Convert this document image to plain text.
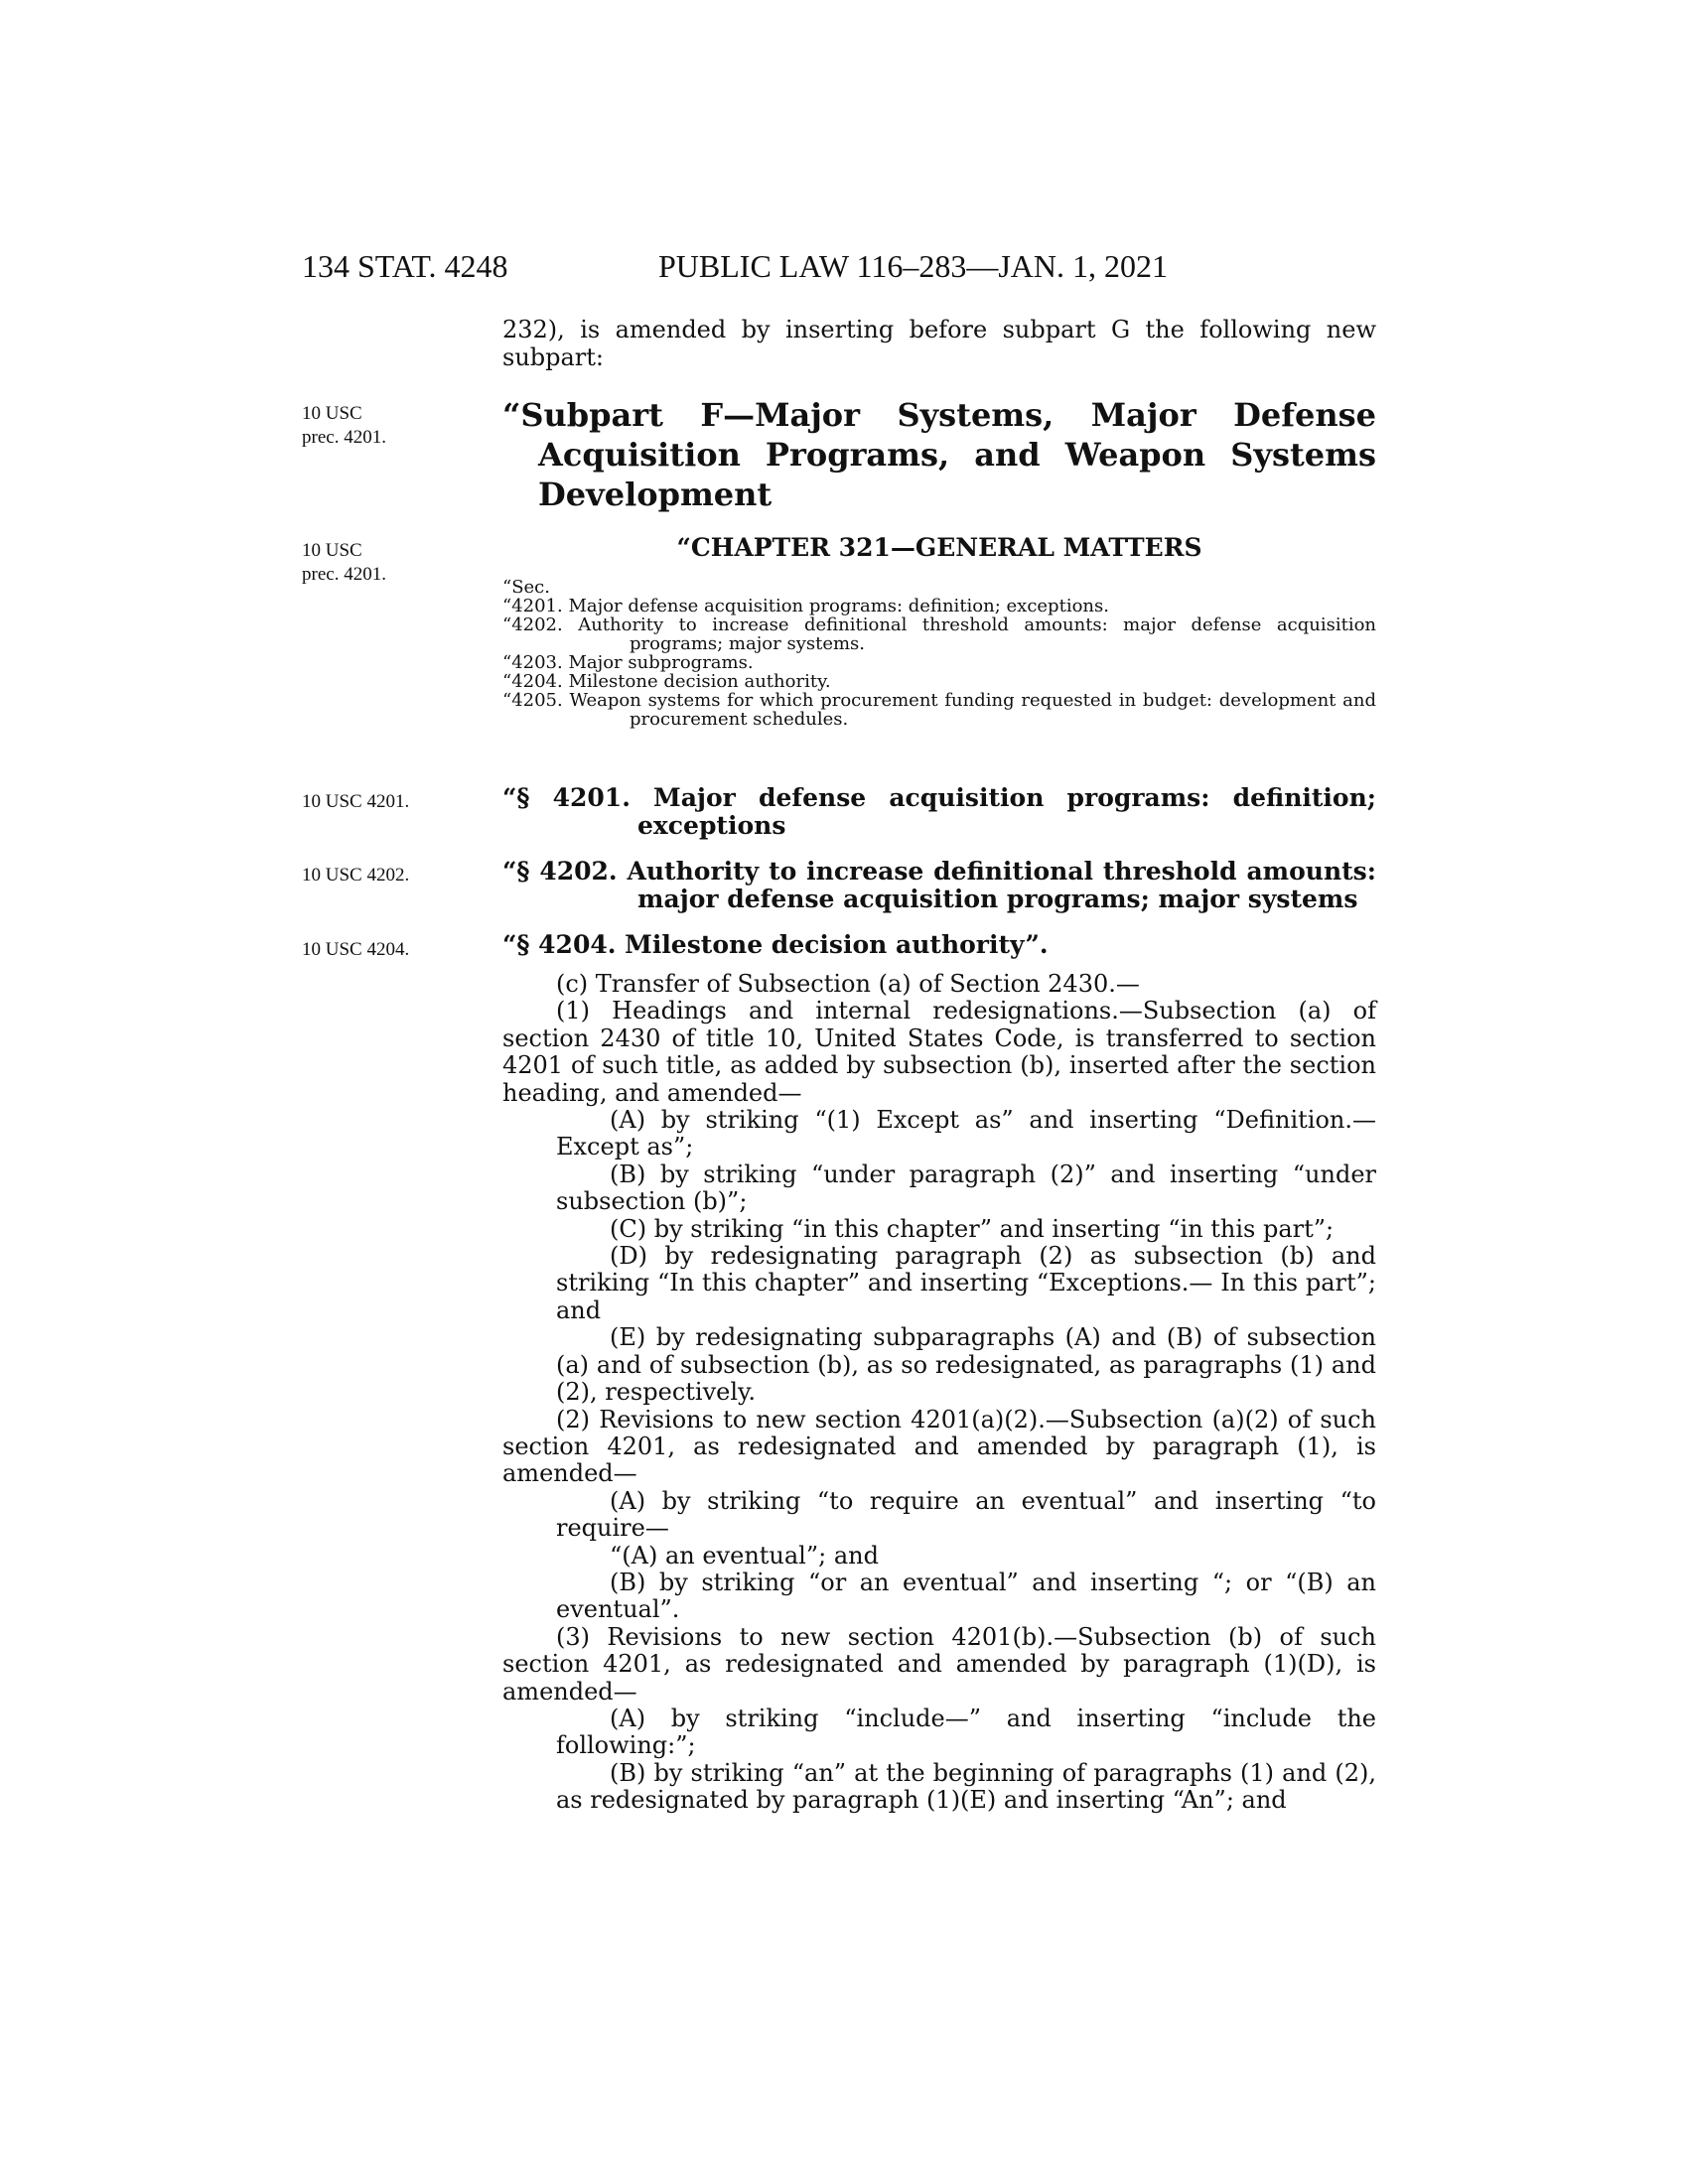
134 STAT. 4248	PUBLIC LAW 116–283—JAN. 1, 2021
232), is amended by inserting before subpart G the following new subpart:
10 USC
prec. 4201.
“Subpart F—Major Systems, Major Defense Acquisition Programs, and Weapon Systems Development
10 USC
prec. 4201.
“CHAPTER 321—GENERAL MATTERS
“Sec.
“4201. Major defense acquisition programs: definition; exceptions.
“4202. Authority to increase definitional threshold amounts: major defense acquisition programs; major systems.
“4203. Major subprograms.
“4204. Milestone decision authority.
“4205. Weapon systems for which procurement funding requested in budget: development and procurement schedules.
10 USC 4201.	“§ 4201. Major defense acquisition programs: definition; exceptions
10 USC 4202.	“§ 4202. Authority to increase definitional threshold amounts: major defense acquisition programs; major systems
10 USC 4204.	“§ 4204. Milestone decision authority”.

(c) Transfer of Subsection (a) of Section 2430.—

(1) Headings and internal redesignations.—Subsection (a) of section 2430 of title 10, United States Code, is transferred to section 4201 of such title, as added by subsection (b), inserted after the section heading, and amended—

(A) by striking “(1) Except as” and inserting “Definition.—Except as”;

(B) by striking “under paragraph (2)” and inserting “under subsection (b)”;

(C) by striking “in this chapter” and inserting “in this part”;

(D) by redesignating paragraph (2) as subsection (b) and striking “In this chapter” and inserting “Exceptions.— In this part”; and

(E) by redesignating subparagraphs (A) and (B) of subsection (a) and of subsection (b), as so redesignated, as paragraphs (1) and (2), respectively.

(2) Revisions to new section 4201(a)(2).—Subsection (a)(2) of such section 4201, as redesignated and amended by paragraph (1), is amended—

(A) by striking “to require an eventual” and inserting “to require—

“(A) an eventual”; and

(B) by striking “or an eventual” and inserting “; or “(B) an eventual”.

(3) Revisions to new section 4201(b).—Subsection (b) of such section 4201, as redesignated and amended by paragraph (1)(D), is amended—

(A) by striking “include—” and inserting “include the following:”;

(B) by striking “an” at the beginning of paragraphs (1) and (2), as redesignated by paragraph (1)(E) and inserting “An”; and
